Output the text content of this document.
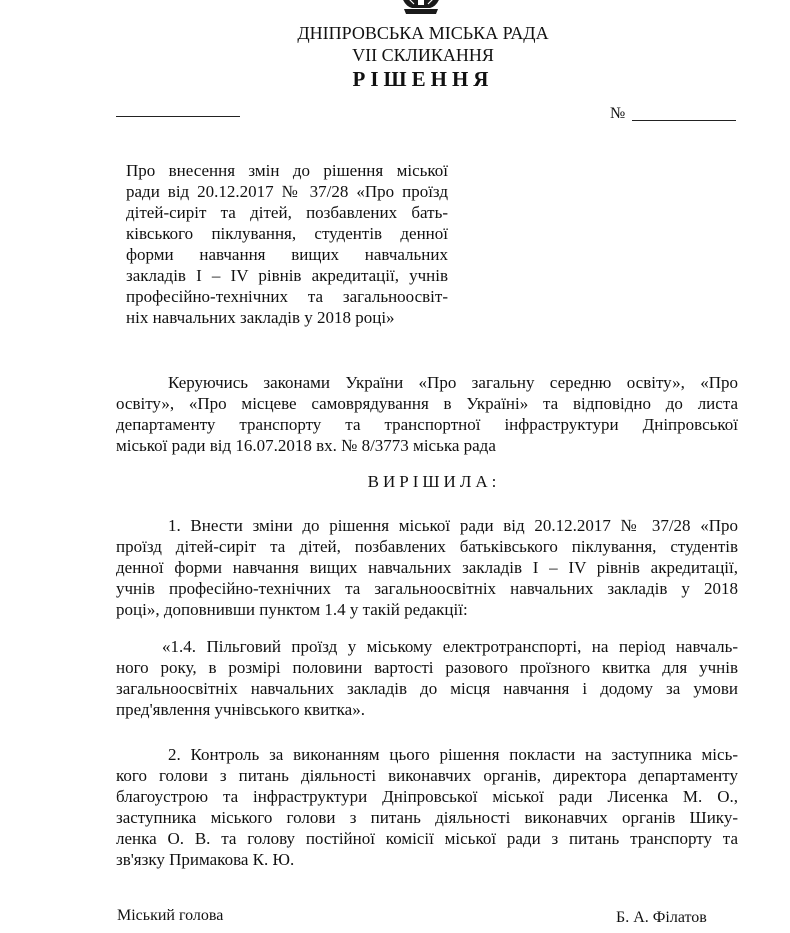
ДНІПРОВСЬКА МІСЬКА РАДА
VII СКЛИКАННЯ
РІШЕННЯ
№
Про внесення змін до рішення міської
ради від 20.12.2017 № 37/28 «Про проїзд
дітей-сиріт та дітей, позбавлених бать-
ківського піклування, студентів денної
форми навчання вищих навчальних
закладів І – IV рівнів акредитації, учнів
професійно-технічних та загальноосвіт-
ніх навчальних закладів у 2018 році»
Керуючись законами України «Про загальну середню освіту», «Про
освіту», «Про місцеве самоврядування в Україні» та відповідно до листа
департаменту транспорту та транспортної інфраструктури Дніпровської
міської ради від 16.07.2018 вх. № 8/3773 міська рада
ВИРІШИЛА:
1. Внести зміни до рішення міської ради від 20.12.2017 № 37/28 «Про
проїзд дітей-сиріт та дітей, позбавлених батьківського піклування, студентів
денної форми навчання вищих навчальних закладів І – IV рівнів акредитації,
учнів професійно-технічних та загальноосвітніх навчальних закладів у 2018
році», доповнивши пунктом 1.4 у такій редакції:
«1.4. Пільговий проїзд у міському електротранспорті, на період навчаль-
ного року, в розмірі половини вартості разового проїзного квитка для учнів
загальноосвітніх навчальних закладів до місця навчання і додому за умови
пред'явлення учнівського квитка».
2. Контроль за виконанням цього рішення покласти на заступника місь-
кого голови з питань діяльності виконавчих органів, директора департаменту
благоустрою та інфраструктури Дніпровської міської ради Лисенка М. О.,
заступника міського голови з питань діяльності виконавчих органів Шику-
ленка О. В. та голову постійної комісії міської ради з питань транспорту та
зв'язку Примакова К. Ю.
Міський голова	Б. А. Філатов
